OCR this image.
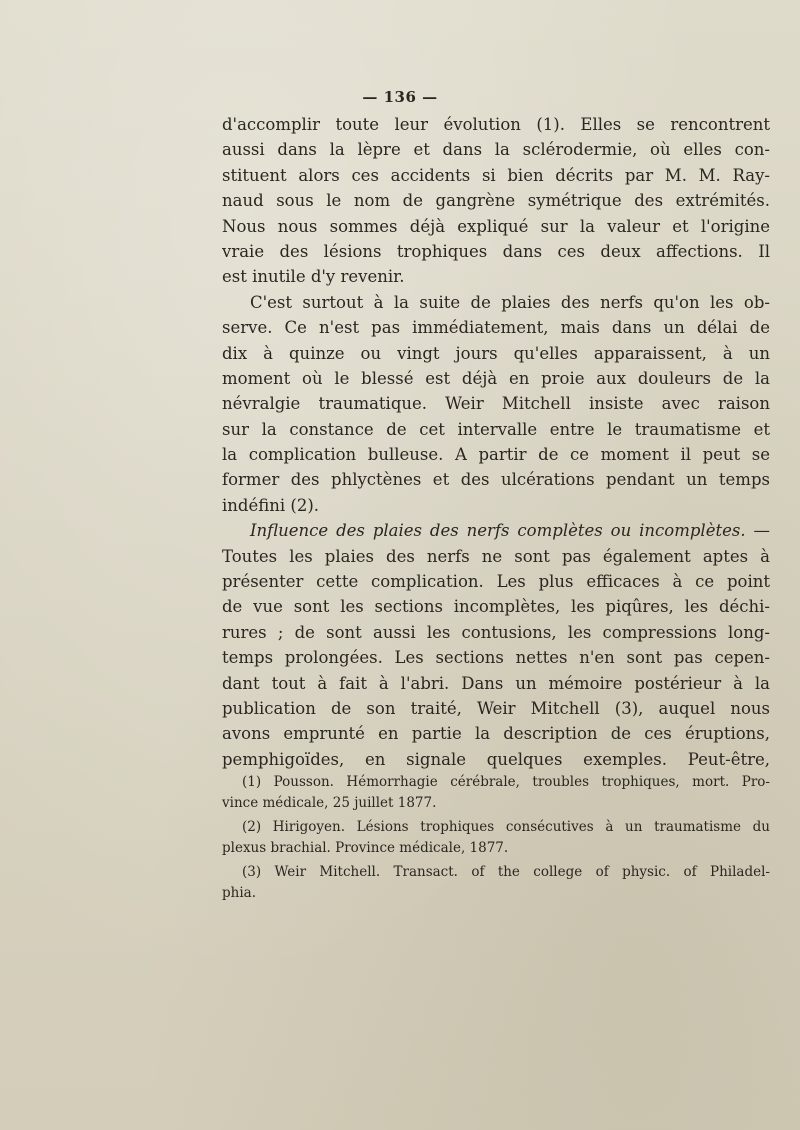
— 136 —
d'accomplir toute leur évolution (1). Elles se rencontrent
aussi dans la lèpre et dans la sclérodermie, où elles con-
stituent alors ces accidents si bien décrits par M. M. Ray-
naud sous le nom de gangrène symétrique des extrémités.
Nous nous sommes déjà expliqué sur la valeur et l'origine
vraie des lésions trophiques dans ces deux affections. Il
est inutile d'y revenir.
C'est surtout à la suite de plaies des nerfs qu'on les ob-
serve. Ce n'est pas immédiatement, mais dans un délai de
dix à quinze ou vingt jours qu'elles apparaissent, à un
moment où le blessé est déjà en proie aux douleurs de la
névralgie traumatique. Weir Mitchell insiste avec raison
sur la constance de cet intervalle entre le traumatisme et
la complication bulleuse. A partir de ce moment il peut se
former des phlyctènes et des ulcérations pendant un temps
indéfini (2).
Influence des plaies des nerfs complètes ou incomplètes. —
Toutes les plaies des nerfs ne sont pas également aptes à
présenter cette complication. Les plus efficaces à ce point
de vue sont les sections incomplètes, les piqûres, les déchi-
rures ; de sont aussi les contusions, les compressions long-
temps prolongées. Les sections nettes n'en sont pas cepen-
dant tout à fait à l'abri. Dans un mémoire postérieur à la
publication de son traité, Weir Mitchell (3), auquel nous
avons emprunté en partie la description de ces éruptions,
pemphigoïdes, en signale quelques exemples. Peut-être,
(1) Pousson. Hémorrhagie cérébrale, troubles trophiques, mort. Pro-
vince médicale, 25 juillet 1877.
(2) Hirigoyen. Lésions trophiques consécutives à un traumatisme du
plexus brachial. Province médicale, 1877.
(3) Weir Mitchell. Transact. of the college of physic. of Philadel-
phia.
